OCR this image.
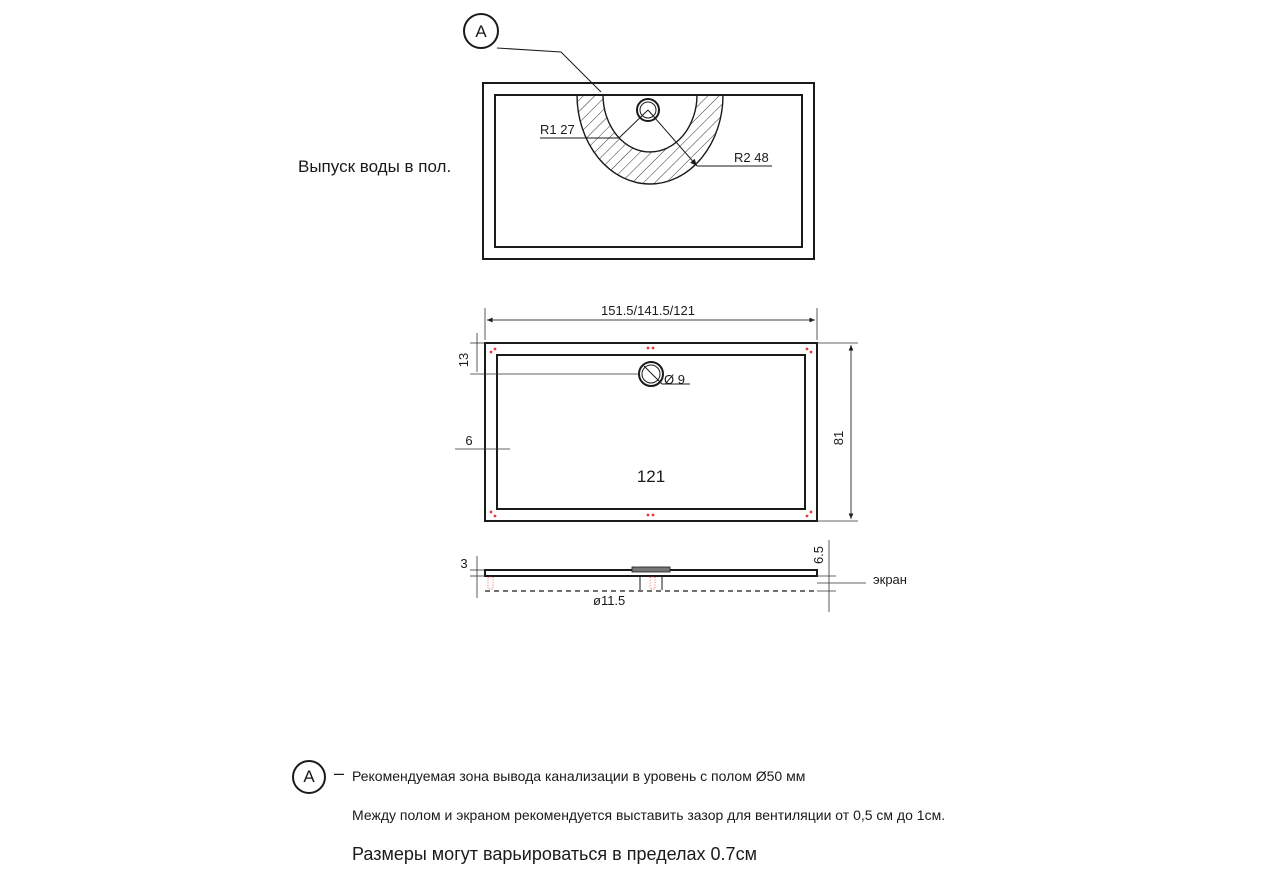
A
R1 27
R2 48
Выпуск воды в пол.
151.5/141.5/121
Ø 9
13
6	81
121
3
ø11.5
6.5
экран
A – Рекомендуемая зона вывода канализации в уровень с полом Ø50 мм
Между полом и экраном рекомендуется выставить зазор для вентиляции от 0,5 см до 1см.
Размеры могут варьироваться в пределах 0.7см
